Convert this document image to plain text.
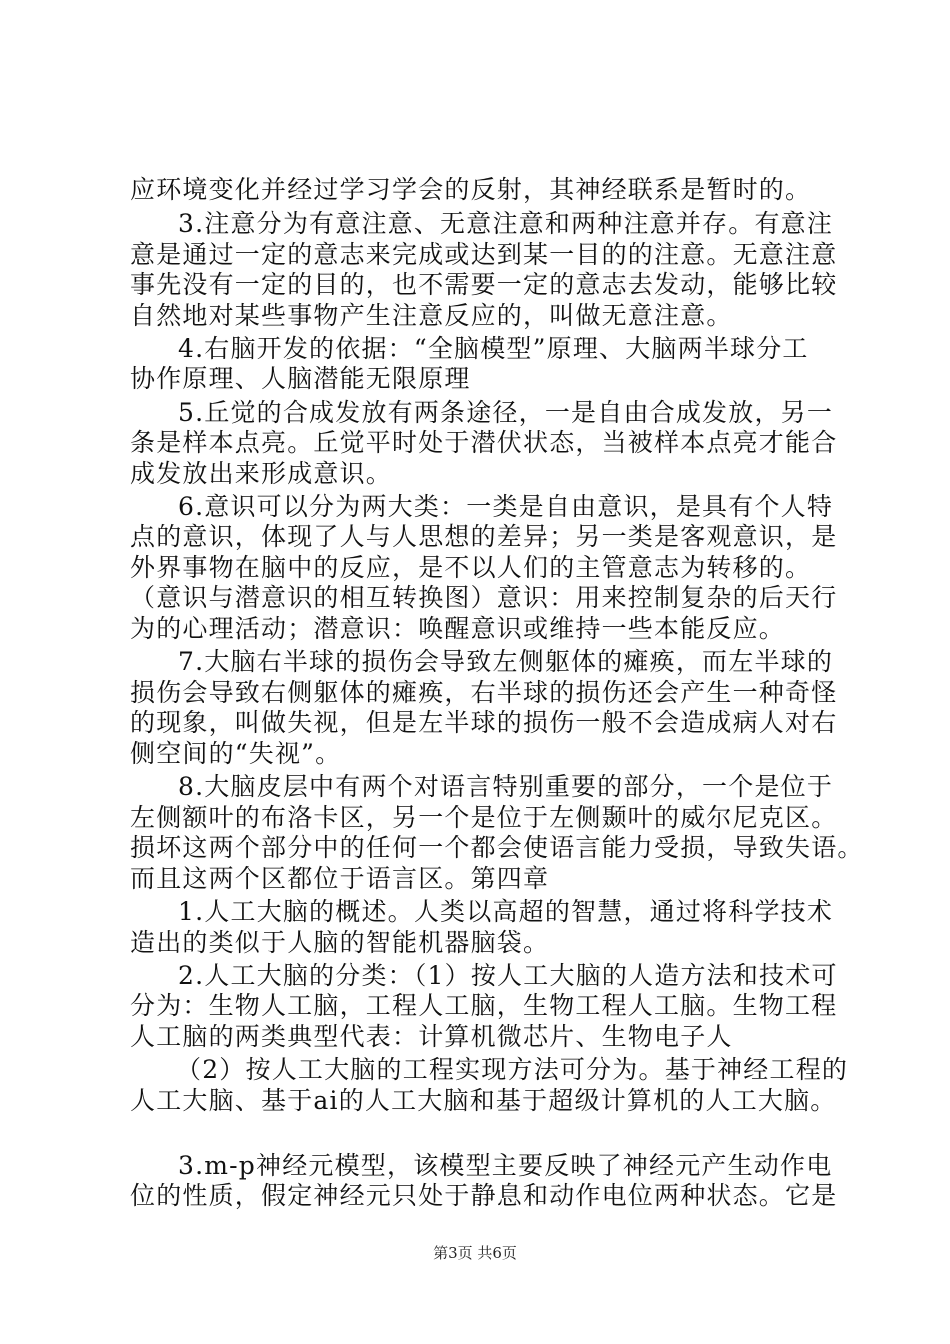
应环境变化并经过学习学会的反射，其神经联系是暂时的。
3.注意分为有意注意、无意注意和两种注意并存。有意注
意是通过一定的意志来完成或达到某一目的的注意。无意注意
事先没有一定的目的，也不需要一定的意志去发动，能够比较
自然地对某些事物产生注意反应的，叫做无意注意。
4.右脑开发的依据：“全脑模型”原理、大脑两半球分工
协作原理、人脑潜能无限原理
5.丘觉的合成发放有两条途径，一是自由合成发放，另一
条是样本点亮。丘觉平时处于潜伏状态，当被样本点亮才能合
成发放出来形成意识。
6.意识可以分为两大类：一类是自由意识，是具有个人特
点的意识，体现了人与人思想的差异；另一类是客观意识，是
外界事物在脑中的反应，是不以人们的主管意志为转移的。
（意识与潜意识的相互转换图）意识：用来控制复杂的后天行
为的心理活动；潜意识：唤醒意识或维持一些本能反应。
7.大脑右半球的损伤会导致左侧躯体的瘫痪，而左半球的
损伤会导致右侧躯体的瘫痪，右半球的损伤还会产生一种奇怪
的现象，叫做失视，但是左半球的损伤一般不会造成病人对右
侧空间的“失视”。
8.大脑皮层中有两个对语言特别重要的部分，一个是位于
左侧额叶的布洛卡区，另一个是位于左侧颞叶的威尔尼克区。
损坏这两个部分中的任何一个都会使语言能力受损，导致失语。
而且这两个区都位于语言区。第四章
1.人工大脑的概述。人类以高超的智慧，通过将科学技术
造出的类似于人脑的智能机器脑袋。
2.人工大脑的分类：（1）按人工大脑的人造方法和技术可
分为：生物人工脑，工程人工脑，生物工程人工脑。生物工程
人工脑的两类典型代表：计算机微芯片、生物电子人
（2）按人工大脑的工程实现方法可分为。基于神经工程的
人工大脑、基于ai的人工大脑和基于超级计算机的人工大脑。
3.m-p神经元模型，该模型主要反映了神经元产生动作电
位的性质，假定神经元只处于静息和动作电位两种状态。它是
第3页 共6页
